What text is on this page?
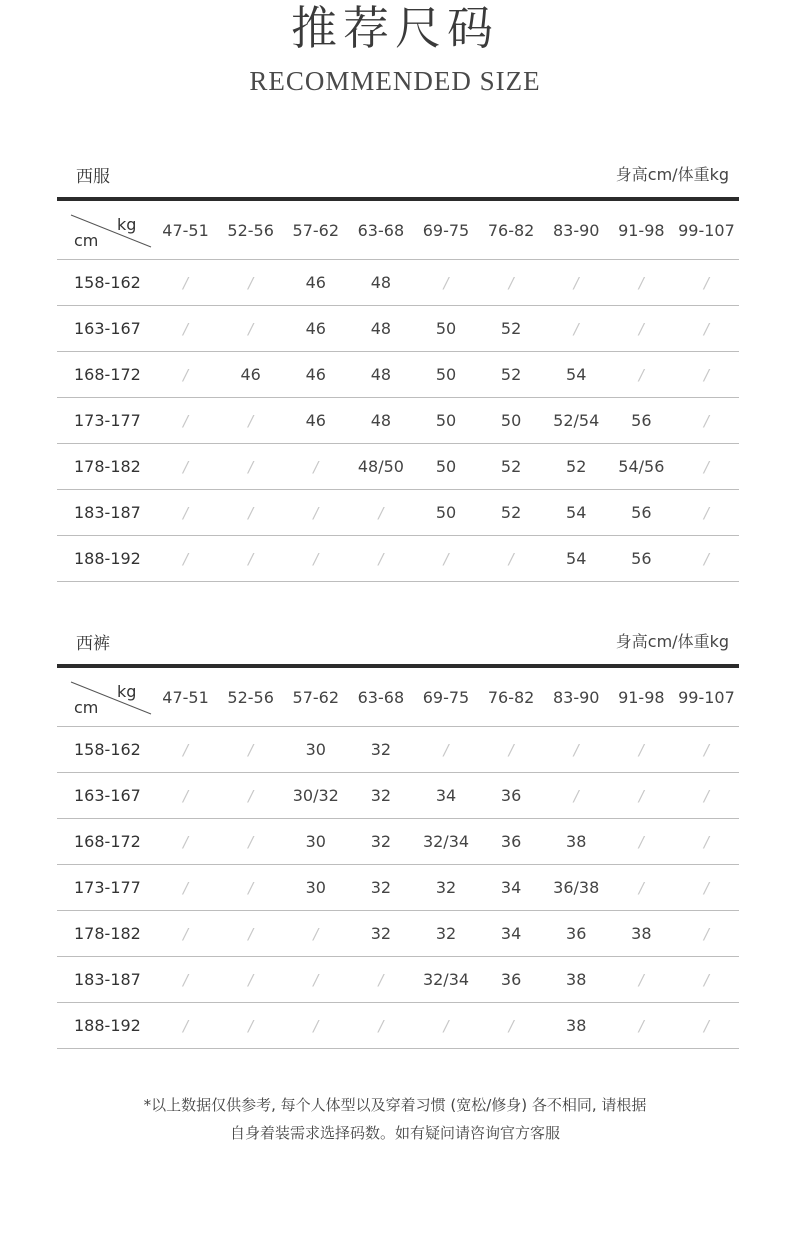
推荐尺码
RECOMMENDED SIZE
西服	身高cm/体重kg
kg
cm	47-51	52-56	57-62	63-68	69-75	76-82	83-90	91-98	99-107
158-162	/	/	46	48	/	/	/	/	/
163-167	/	/	46	48	50	52	/	/	/
168-172	/	46	46	48	50	52	54	/	/
173-177	/	/	46	48	50	50	52/54	56	/
178-182	/	/	/	48/50	50	52	52	54/56	/
183-187	/	/	/	/	50	52	54	56	/
188-192	/	/	/	/	/	/	54	56	/
西裤	身高cm/体重kg
kg
cm	47-51	52-56	57-62	63-68	69-75	76-82	83-90	91-98	99-107
158-162	/	/	30	32	/	/	/	/	/
163-167	/	/	30/32	32	34	36	/	/	/
168-172	/	/	30	32	32/34	36	38	/	/
173-177	/	/	30	32	32	34	36/38	/	/
178-182	/	/	/	32	32	34	36	38	/
183-187	/	/	/	/	32/34	36	38	/	/
188-192	/	/	/	/	/	/	38	/	/
*以上数据仅供参考, 每个人体型以及穿着习惯 (宽松/修身) 各不相同, 请根据
自身着装需求选择码数。如有疑问请咨询官方客服
